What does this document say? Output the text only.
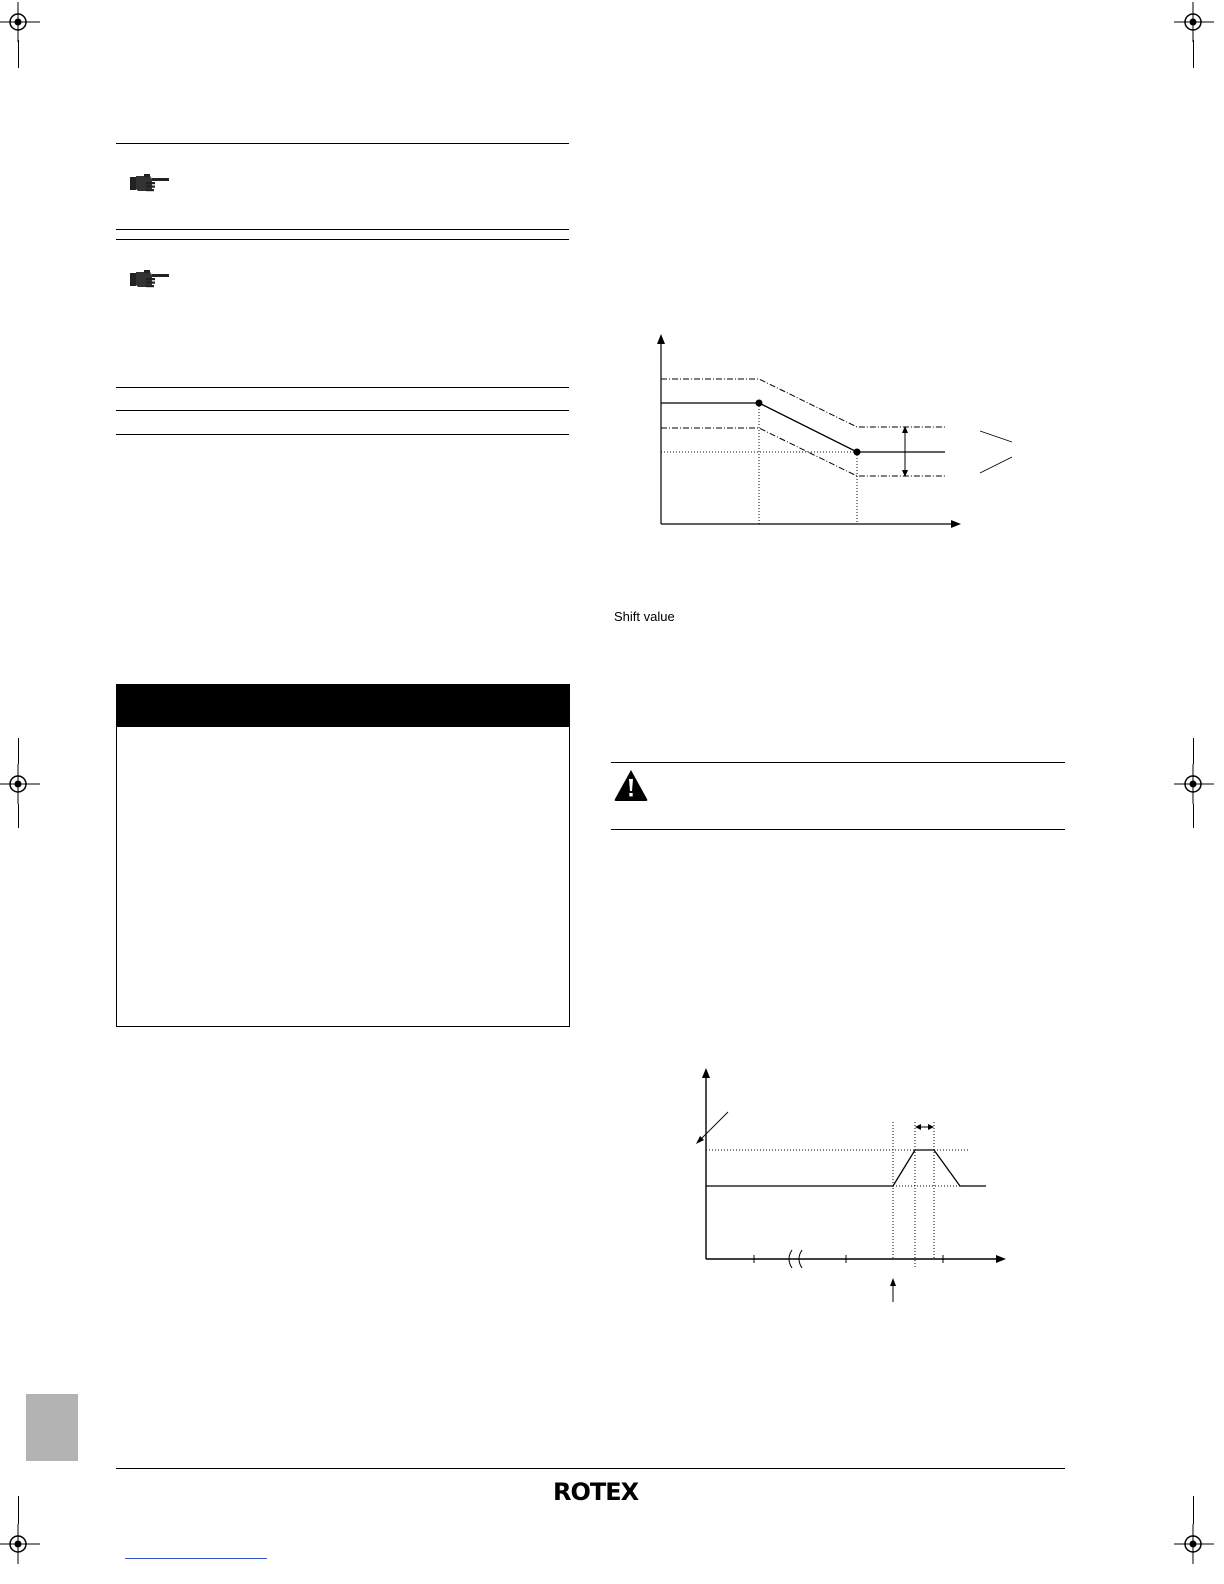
Shift value
ROTEX
